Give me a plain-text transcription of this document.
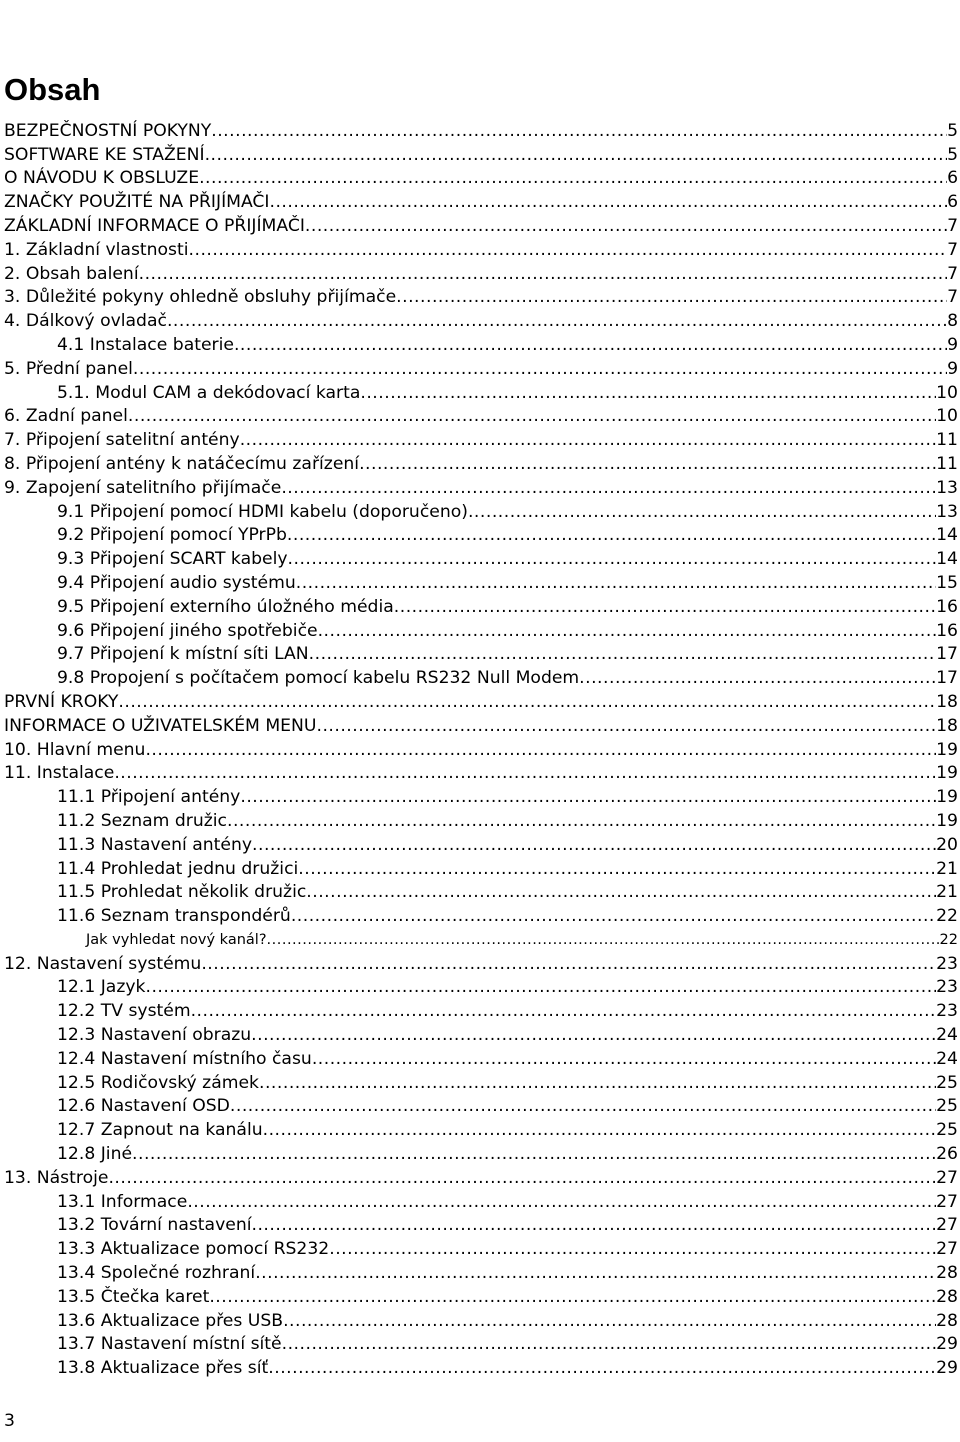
Obsah
BEZPEČNOSTNÍ POKYNY .....	5
SOFTWARE KE STAŽENÍ .....	5
O NÁVODU K OBSLUZE .....	6
ZNAČKY POUŽITÉ NA PŘIJÍMAČI .....	6
ZÁKLADNÍ INFORMACE O PŘIJÍMAČI .....	7
1. Základní vlastnosti .....	7
2. Obsah balení .....	7
3. Důležité pokyny ohledně obsluhy přijímače .....	7
4. Dálkový ovladač .....	8
4.1 Instalace baterie .....	9
5. Přední panel .....	9
5.1. Modul CAM a dekódovací karta .....	10
6. Zadní panel .....	10
7. Připojení satelitní antény .....	11
8. Připojení antény k natáčecímu zařízení .....	11
9. Zapojení satelitního přijímače .....	13
9.1 Připojení pomocí HDMI kabelu (doporučeno) .....	13
9.2 Připojení pomocí YPrPb .....	14
9.3 Připojení SCART kabely .....	14
9.4 Připojení audio systému .....	15
9.5 Připojení externího úložného média .....	16
9.6 Připojení jiného spotřebiče .....	16
9.7 Připojení k místní síti LAN .....	17
9.8 Propojení s počítačem pomocí kabelu RS232 Null Modem .....	17
PRVNÍ KROKY .....	18
INFORMACE O UŽIVATELSKÉM MENU .....	18
10. Hlavní menu .....	19
11. Instalace .....	19
11.1 Připojení antény .....	19
11.2 Seznam družic .....	19
11.3 Nastavení antény .....	20
11.4 Prohledat jednu družici .....	21
11.5 Prohledat několik družic .....	21
11.6 Seznam transpondérů .....	22
Jak vyhledat nový kanál? .....	22
12. Nastavení systému .....	23
12.1 Jazyk .....	23
12.2 TV systém .....	23
12.3 Nastavení obrazu .....	24
12.4 Nastavení místního času .....	24
12.5 Rodičovský zámek .....	25
12.6 Nastavení OSD .....	25
12.7 Zapnout na kanálu .....	25
12.8 Jiné .....	26
13. Nástroje .....	27
13.1 Informace .....	27
13.2 Tovární nastavení .....	27
13.3 Aktualizace pomocí RS232 .....	27
13.4 Společné rozhraní .....	28
13.5 Čtečka karet .....	28
13.6 Aktualizace přes USB .....	28
13.7 Nastavení místní sítě .....	29
13.8 Aktualizace přes síť .....	29
3
